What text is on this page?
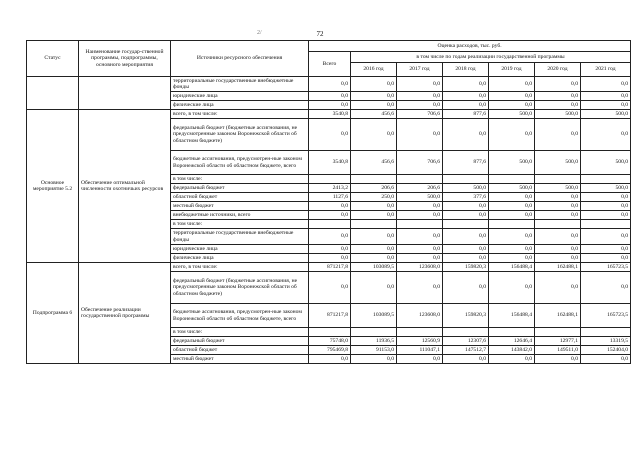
72
2/
Статус	Наименование государ-ственной программы, подпрограммы, основного мероприятия	Источники ресурсного обеспечения	Оценка расходов, тыс. руб.						
			Всего	в том числе по годам реализации государственной программы					
				2016 год	2017 год	2018 год	2019 год	2020 год	2021 год
		территориальные государственные внебюджетные фонды	0,0	0,0	0,0	0,0	0,0	0,0	0,0
		юридические лица	0,0	0,0	0,0	0,0	0,0	0,0	0,0
		физические лица	0,0	0,0	0,0	0,0	0,0	0,0	0,0
Основное мероприятие 5.2	Обеспечение оптимальной численности охотничьих ресурсов	всего, в том числе:	3540,8	456,6	706,6	877,6	500,0	500,0	500,0
		федеральный бюджет (бюджетные ассигнования, не предусмотренные законом Воронежской области об областном бюджете)	0,0	0,0	0,0	0,0	0,0	0,0	0,0
		бюджетные ассигнования, предусмотрен-ные законом Воронежской области об областном бюджете, всего	3540,8	456,6	706,6	877,6	500,0	500,0	500,0
		в том числе:							
		федеральный бюджет	2413,2	206,6	206,6	500,0	500,0	500,0	500,0
		областной бюджет	1127,6	250,0	500,0	377,6	0,0	0,0	0,0
		местный бюджет	0,0	0,0	0,0	0,0	0,0	0,0	0,0
		внебюджетные источники, всего	0,0	0,0	0,0	0,0	0,0	0,0	0,0
		в том числе:							
		территориальные государственные внебюджетные фонды	0,0	0,0	0,0	0,0	0,0	0,0	0,0
		юридические лица	0,0	0,0	0,0	0,0	0,0	0,0	0,0
		физические лица	0,0	0,0	0,0	0,0	0,0	0,0	0,0
Подпрограмма 6	Обеспечение реализации государственной программы	всего, в том числе:	871217,8	103089,5	123608,0	159820,3	156488,4	162488,1	165723,5
		федеральный бюджет (бюджетные ассигнования, не предусмотренные законом Воронежской области об областном бюджете)	0,0	0,0	0,0	0,0	0,0	0,0	0,0
		бюджетные ассигнования, предусмотрен-ные законом Воронежской области об областном бюджете, всего	871217,8	103089,5	123608,0	159820,3	156488,4	162488,1	165723,5
		в том числе:							
		федеральный бюджет	75748,0	11936,5	12560,9	12307,6	12646,4	12977,1	13319,5
		областной бюджет	795469,8	91153,0	111047,1	147512,7	143842,0	149511,0	152404,0
		местный бюджет	0,0	0,0	0,0	0,0	0,0	0,0	0,0
